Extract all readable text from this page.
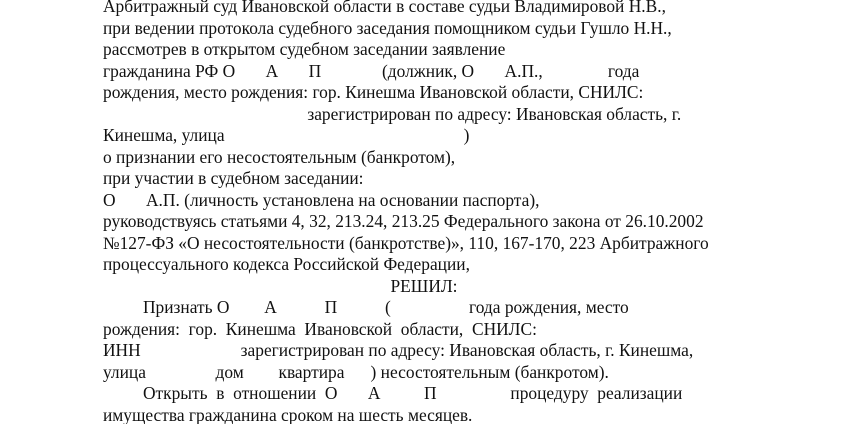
Арбитражный суд Ивановской области в составе судьи Владимировой Н.В.,

при ведении протокола судебного заседания помощником судьи Гушло Н.Н.,

рассмотрев в открытом судебном заседании заявление

гражданина РФ О       А       П              (должник, О       А.П.,               года

рождения, место рождения: гор. Кинешма Ивановской области, СНИЛС:

зарегистрирован по адресу: Ивановская область, г.

Кинешма, улица                                                       )

о признании его несостоятельным (банкротом),

при участии в судебном заседании:

О       А.П. (личность установлена на основании паспорта),

руководствуясь статьями 4, 32, 213.24, 213.25 Федерального закона от 26.10.2002

№127-ФЗ «О несостоятельности (банкротстве)», 110, 167-170, 223 Арбитражного

процессуального кодекса Российской Федерации,

РЕШИЛ:

Признать О        А           П           (                  года рождения, место

рождения:  гор.  Кинешма  Ивановской  области,  СНИЛС:

ИНН                       зарегистрирован по адресу: Ивановская область, г. Кинешма,

улица                дом        квартира      ) несостоятельным (банкротом).

Открыть  в  отношении  О       А          П                 процедуру  реализации

имущества гражданина сроком на шесть месяцев.
